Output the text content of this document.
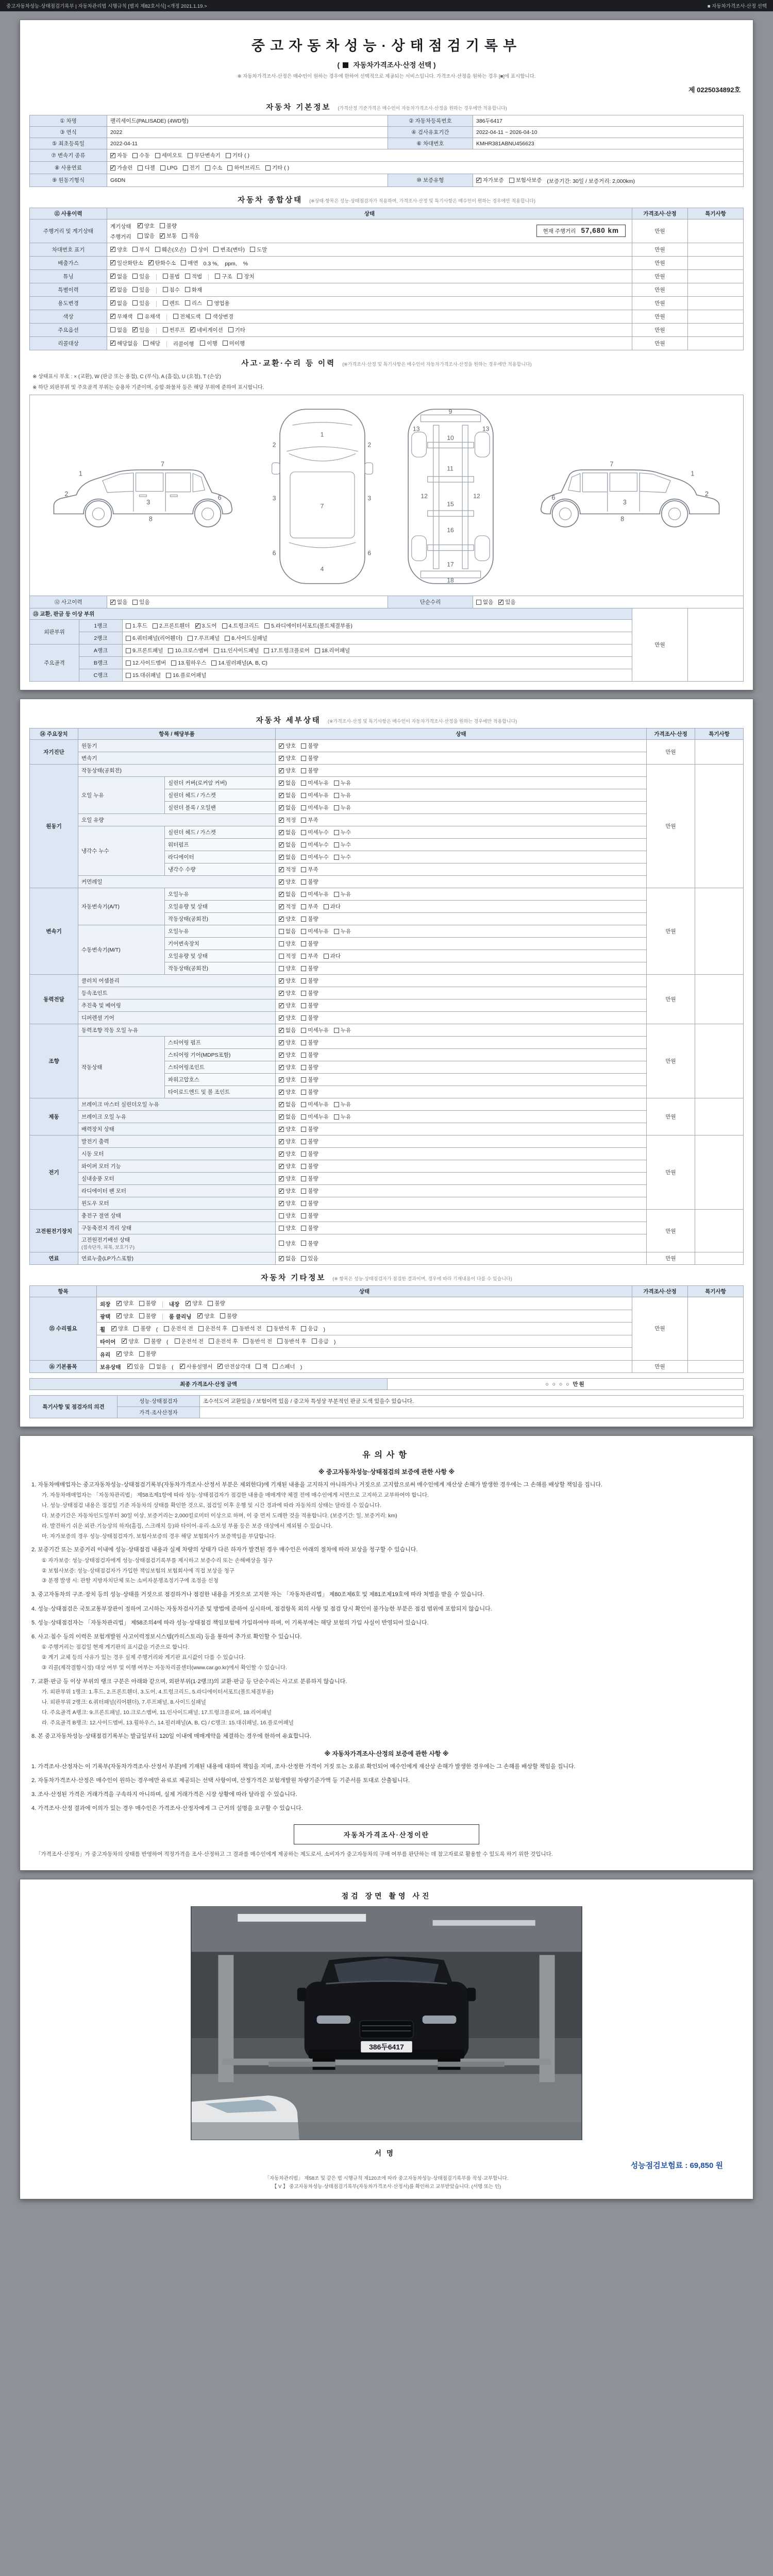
중고자동차성능·상태점검기록부 | 자동차관리법 시행규칙 [별지 제82호서식] <개정 2021.1.19.>	■ 자동차가격조사·산정 선택
중고자동차성능·상태점검기록부
( 자동차가격조사·산정 선택 )
※ 자동차가격조사·산정은 매수인이 원하는 경우에 한하여 선택적으로 제공되는 서비스입니다. 가격조사·산정을 원하는 경우 [■]에 표시합니다.
제 0225034892호
자동차 기본정보 (가격산정 기준가격은 매수인이 자동차가격조사·산정을 원하는 경우에만 적용합니다)
① 차명	팰리세이드(PALISADE) (4WD형)	② 자동차등록번호	386두6417
③ 연식	2022	④ 검사유효기간	2022-04-11 ~ 2026-04-10
⑤ 최초등록일	2022-04-11	⑥ 차대번호	KMHR381ABNU456623
⑦ 변속기 종류	
✓자동 수동 세미오토 무단변속기 기타 ( )

⑧ 사용연료	
✓가솔린 디젤 LPG 전기 수소 하이브리드 기타 ( )

⑨ 원동기형식	G6DN	⑩ 보증유형	
✓자가보증 보험사보증 (보증기간: 30일 / 보증거리: 2,000km)
자동차 종합상태 (※상태·항목은 성능·상태점검자가 적용하며, 가격조사·산정 및 특기사항은 매수인이 원하는 경우에만 적용합니다)
⑪ 사용이력	상태	가격조사·산정	특기사항
주행거리 및 계기상태	
계기상태 ✓ 양호 불량
주행거리 많음 ✓ 보통 적음
현재 주행거리 57,680 km	만원	
차대번호 표기	
✓양호 부식 훼손(오손) 상이 변조(변타) 도말	만원	
배출가스	
✓일산화탄소 ✓ 탄화수소 매연 0.3 %, ppm, %	만원	
튜닝	
✓없음 있음	불법 적법	구조 장치	만원	
특별이력	
✓없음 있음 침수 화재	만원	
용도변경	
✓없음 있음 렌트 리스 영업용	만원	
색상	
✓무채색 유채색 전체도색 색상변경	만원	
주요옵션	없음 ✓ 있음 썬루프 ✓ 네비게이션 기타	만원	
리콜대상	
✓해당없음 해당 리콜이행 이행 미이행	만원	
사고·교환·수리 등 이력 (※가격조사·산정 및 특기사항은 매수인이 자동차가격조사·산정을 원하는 경우에만 적용합니다)
※ 상태표시 부호 : × (교환), W (판금 또는 용접), C (부식), A (흠집), U (요철), T (손상)
※ 하단 외판부위 및 주요골격 부위는 승용차 기준이며, 승합·화물차 등은 해당 부위에 준하여 표시합니다.
1
2
3
7
6
8
1
7
4
2	2
3	3
6	6
9
10
11
12	12
13	13
15
16
17
18
1
2
3
7
6
8
⑫ 사고이력	
✓없음 있음	단순수리	없음 ✓ 있음
⑬ 교환, 판금 등 이상 부위			만원	
외판부위	1랭크	1.후드 2.프론트휀더 ✓ 3.도어 4.트렁크리드 5.라디에이터서포트(볼트체결부품)

	2랭크	6.쿼터패널(리어휀더) 7.루프패널 8.사이드실패널		

주요골격	A랭크	9.프론트패널 10.크로스멤버 11.인사이드패널 17.트렁크플로어 18.리어패널		

	B랭크	12.사이드멤버 13.휠하우스 14.필러패널(A, B, C)		

	C랭크	15.대쉬패널 16.플로어패널		
자동차 세부상태 (※가격조사·산정 및 특기사항은 매수인이 자동차가격조사·산정을 원하는 경우에만 적용합니다)
⑭ 주요장치	항목 / 해당부품		상태	가격조사·산정	특기사항
자기진단	원동기	
✓양호 불량	만원	
	변속기	
✓양호 불량

원동기	작동상태(공회전)	
✓양호 불량	만원	
	오일 누유	실린더 커버(로커암 커버)	
✓없음 미세누유 누유

		실린더 헤드 / 가스켓	
✓없음 미세누유 누유

		실린더 블록 / 오일팬	
✓없음 미세누유 누유

	오일 유량	
✓적정 부족

	냉각수 누수	실린더 헤드 / 가스켓	
✓없음 미세누수 누수

		워터펌프	
✓없음 미세누수 누수

		라디에이터	
✓없음 미세누수 누수

		냉각수 수량	
✓적정 부족

	커먼레일	
✓양호 불량

변속기	자동변속기(A/T)	오일누유	
✓없음 미세누유 누유	만원	
		오일유량 및 상태	
✓적정 부족 과다

		작동상태(공회전)	
✓양호 불량

	수동변속기(M/T)	오일누유	없음 미세누유 누유		

		기어변속장치	양호 불량		

		오일유량 및 상태	적정 부족 과다		

		작동상태(공회전)	양호 불량		

동력전달	클러치 어셈블리	
✓양호 불량	만원	
	등속조인트	
✓양호 불량

	추진축 및 베어링	
✓양호 불량

	디퍼렌셜 기어	
✓양호 불량

조향	동력조향 작동 오일 누유	
✓없음 미세누유 누유	만원	
	작동상태	스티어링 펌프	
✓양호 불량

		스티어링 기어(MDPS포함)	
✓양호 불량

		스티어링조인트	
✓양호 불량

		파워고압호스	
✓양호 불량

		타이로드엔드 및 볼 조인트	
✓양호 불량

제동	브레이크 마스터 실린더오일 누유	
✓없음 미세누유 누유	만원	
	브레이크 오일 누유	
✓없음 미세누유 누유

	배력장치 상태	
✓양호 불량

전기	발전기 출력	
✓양호 불량	만원	
	시동 모터	
✓양호 불량

	와이퍼 모터 기능	
✓양호 불량

	실내송풍 모터	
✓양호 불량

	라디에이터 팬 모터	
✓양호 불량

	윈도우 모터	
✓양호 불량

고전원전기장치	충전구 절연 상태		양호 불량	만원	
	구동축전지 격리 상태		양호 불량		

	고전원전기배선 상태
(접속단자, 피복, 보호기구)		양호 불량		

연료	연료누출(LP가스포함)	
✓없음 있음	만원	
자동차 기타정보 (※ 항목은 성능·상태점검자가 점검한 결과이며, 경우에 따라 기재내용이 다를 수 있습니다)
항목	상태	가격조사·산정	특기사항
⑮ 수리필요	외장 ✓ 양호 불량 내장 ✓ 양호 불량
	만원	
광택 ✓ 양호 불량 룸 클리닝 ✓ 양호 불량

휠 ✓ 양호 불량 ( 운전석 전 운전석 후 동반석 전 동반석 후 응급 )
타이어 ✓ 양호 불량 ( 운전석 전 운전석 후 동반석 전 동반석 후 응급 )
	유리 ✓ 양호 불량

⑯ 기본품목	보유상태 ✓ 있음 없음 ( ✓ 사용설명서 ✓ 안전삼각대 잭 스패너 )	만원	
최종 가격조사·산정 금액	○ ○ ○ ○ 만원
특기사항 및 점검자의 의견	성능·상태점검자	조수석도어 교환있음 / 보험이력 있음 / 중고차 특성상 부분적인 판금 도색 있을수 있습니다.
	가격·조사산정자	
유의사항
※ 중고자동차성능·상태점검의 보증에 관한 사항 ※
1. 자동차매매업자는 중고자동차성능·상태점검기록부(자동차가격조사·산정서 부분은 제외한다)에 기재된 내용을 고지하지 아니하거나 거짓으로 고지함으로써 매수인에게 재산상 손해가 발생한 경우에는 그 손해를 배상할 책임을 집니다.
가. 자동차매매업자는 「자동차관리법」 제58조제1항에 따라 성능·상태점검자가 점검한 내용을 매매계약 체결 전에 매수인에게 서면으로 고지하고 교부하여야 합니다.
나. 성능·상태점검 내용은 점검일 기준 자동차의 상태를 확인한 것으로, 점검일 이후 운행 및 시간 경과에 따라 자동차의 상태는 달라질 수 있습니다.
다. 보증기간은 자동차인도일부터 30일 이상, 보증거리는 2,000킬로미터 이상으로 하며, 이 중 먼저 도래한 것을 적용합니다. (보증기간: 일, 보증거리: km)
라. 발견하기 쉬운 외관·기능상의 하자(흠집, 스크래치 등)와 타이어·유리·소모성 부품 등은 보증 대상에서 제외될 수 있습니다.
마. 자가보증의 경우 성능·상태점검자가, 보험사보증의 경우 해당 보험회사가 보증책임을 부담합니다.
2. 보증기간 또는 보증거리 이내에 성능·상태점검 내용과 실제 차량의 상태가 다른 하자가 발견된 경우 매수인은 아래의 절차에 따라 보상을 청구할 수 있습니다.
① 자가보증: 성능·상태점검자에게 성능·상태점검기록부를 제시하고 보증수리 또는 손해배상을 청구
② 보험사보증: 성능·상태점검자가 가입한 책임보험의 보험회사에 직접 보상을 청구
③ 분쟁 발생 시: 관할 지방자치단체 또는 소비자분쟁조정기구에 조정을 신청
3. 중고자동차의 구조·장치 등의 성능·상태를 거짓으로 점검하거나 점검한 내용을 거짓으로 고지한 자는 「자동차관리법」 제80조제6호 및 제81조제19호에 따라 처벌을 받을 수 있습니다.
4. 성능·상태점검은 국토교통부장관이 정하여 고시하는 자동차검사기준 및 방법에 준하여 실시하며, 점검항목 외의 사항 및 점검 당시 확인이 불가능한 부분은 점검 범위에 포함되지 않습니다.
5. 성능·상태점검자는 「자동차관리법」 제58조의4에 따라 성능·상태점검 책임보험에 가입하여야 하며, 이 기록부에는 해당 보험의 가입 사실이 반영되어 있습니다.
6. 사고·침수 등의 이력은 보험개발원 사고이력정보시스템(카히스토리) 등을 통하여 추가로 확인할 수 있습니다.
① 주행거리는 점검일 현재 계기판의 표시값을 기준으로 합니다.
② 계기 교체 등의 사유가 있는 경우 실제 주행거리와 계기판 표시값이 다를 수 있습니다.
③ 리콜(제작결함시정) 대상 여부 및 이행 여부는 자동차리콜센터(www.car.go.kr)에서 확인할 수 있습니다.
7. 교환·판금 등 이상 부위의 랭크 구분은 아래와 같으며, 외판부위(1·2랭크)의 교환·판금 등 단순수리는 사고로 분류하지 않습니다.
가. 외판부위 1랭크: 1.후드, 2.프론트휀더, 3.도어, 4.트렁크리드, 5.라디에이터서포트(볼트체결부품)
나. 외판부위 2랭크: 6.쿼터패널(리어휀더), 7.루프패널, 8.사이드실패널
다. 주요골격 A랭크: 9.프론트패널, 10.크로스멤버, 11.인사이드패널, 17.트렁크플로어, 18.리어패널
라. 주요골격 B랭크: 12.사이드멤버, 13.휠하우스, 14.필러패널(A, B, C) / C랭크: 15.대쉬패널, 16.플로어패널
8. 본 중고자동차성능·상태점검기록부는 발급일부터 120일 이내에 매매계약을 체결하는 경우에 한하여 유효합니다.
※ 자동차가격조사·산정의 보증에 관한 사항 ※
1. 가격조사·산정자는 이 기록부(자동차가격조사·산정서 부분)에 기재된 내용에 대하여 책임을 지며, 조사·산정한 가격이 거짓 또는 오류로 확인되어 매수인에게 재산상 손해가 발생한 경우에는 그 손해를 배상할 책임을 집니다.
2. 자동차가격조사·산정은 매수인이 원하는 경우에만 유료로 제공되는 선택 사항이며, 산정가격은 보험개발원 차량기준가액 등 기준서를 토대로 산출됩니다.
3. 조사·산정된 가격은 거래가격을 구속하지 아니하며, 실제 거래가격은 시장 상황에 따라 달라질 수 있습니다.
4. 가격조사·산정 결과에 이의가 있는 경우 매수인은 가격조사·산정자에게 그 근거의 설명을 요구할 수 있습니다.
자동차가격조사·산정이란
「가격조사·산정자」가 중고자동차의 상태를 반영하여 적정가격을 조사·산정하고 그 결과를 매수인에게 제공하는 제도로서, 소비자가 중고자동차의 구매 여부를 판단하는 데 참고자료로 활용할 수 있도록 하기 위한 것입니다.
점검 장면 촬영 사진
386두6417
서명
성능점검보험료 : 69,850 원
「자동차관리법」 제58조 및 같은 법 시행규칙 제120조에 따라 중고자동차성능·상태점검기록부를 작성·교부합니다.
【 V 】 중고자동차성능·상태점검기록부(자동차가격조사·산정서)를 확인하고 교부받았습니다. (서명 또는 인)
